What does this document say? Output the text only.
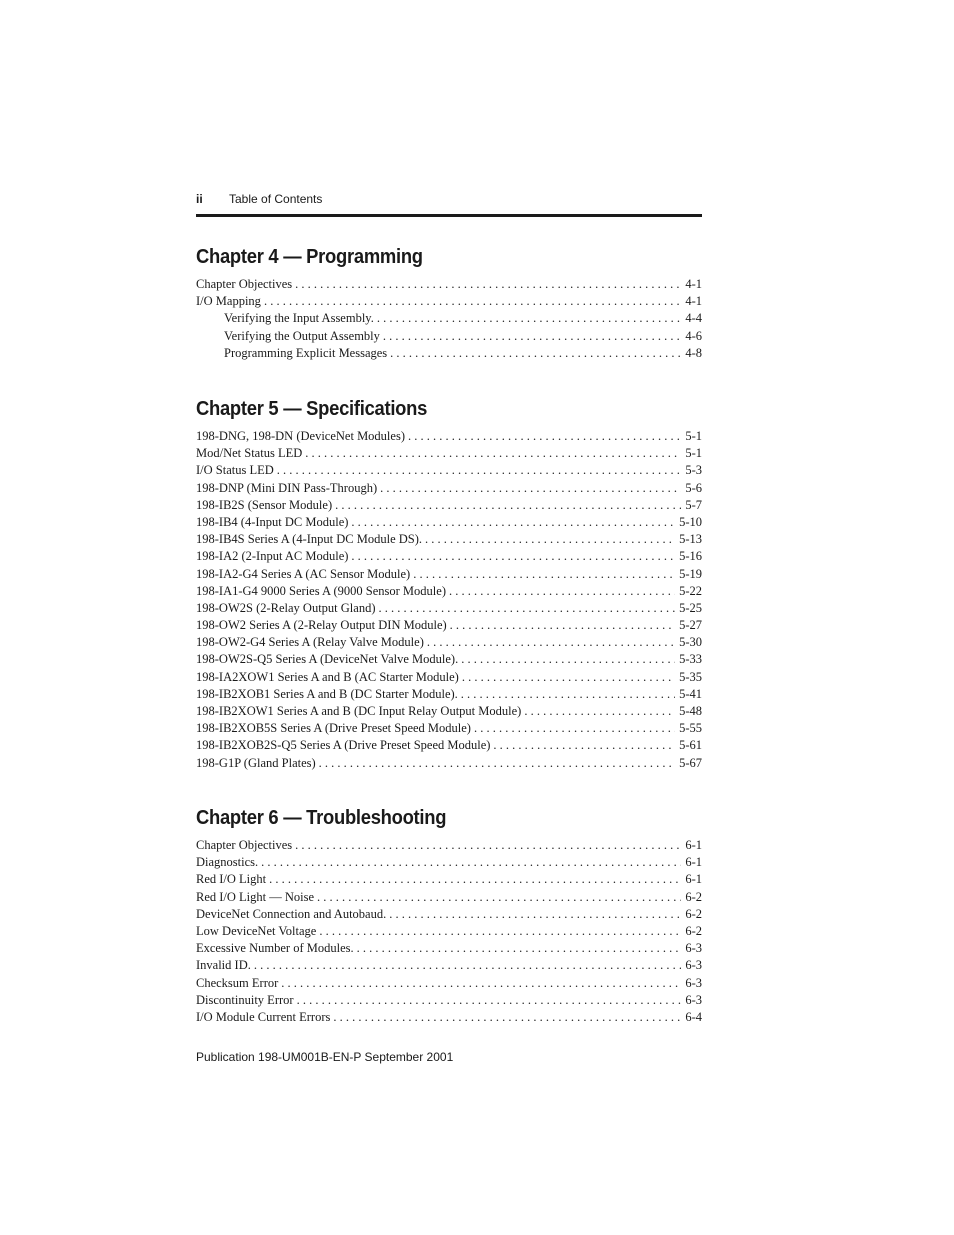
ii Table of Contents
Chapter 4 — Programming
Chapter Objectives . . .	4-1
I/O Mapping . . .	4-1
Verifying the Input Assembly. . . .	4-4
Verifying the Output Assembly . . .	4-6
Programming Explicit Messages . . .	4-8
Chapter 5 — Specifications
198-DNG, 198-DN (DeviceNet Modules) . . .	5-1
Mod/Net Status LED . . .	5-1
I/O Status LED . . .	5-3
198-DNP (Mini DIN Pass-Through) . . .	5-6
198-IB2S (Sensor Module) . . .	5-7
198-IB4 (4-Input DC Module) . . .	5-10
198-IB4S Series A (4-Input DC Module DS). . . .	5-13
198-IA2 (2-Input AC Module) . . .	5-16
198-IA2-G4 Series A (AC Sensor Module) . . .	5-19
198-IA1-G4 9000 Series A (9000 Sensor Module) . . .	5-22
198-OW2S (2-Relay Output Gland) . . .	5-25
198-OW2 Series A (2-Relay Output DIN Module) . . .	5-27
198-OW2-G4 Series A (Relay Valve Module) . . .	5-30
198-OW2S-Q5 Series A (DeviceNet Valve Module). . . .	5-33
198-IA2XOW1 Series A and B (AC Starter Module) . . .	5-35
198-IB2XOB1 Series A and B (DC Starter Module). . . .	5-41
198-IB2XOW1 Series A and B (DC Input Relay Output Module) . . .	5-48
198-IB2XOB5S Series A (Drive Preset Speed Module) . . .	5-55
198-IB2XOB2S-Q5 Series A (Drive Preset Speed Module) . . .	5-61
198-G1P (Gland Plates) . . .	5-67
Chapter 6 — Troubleshooting
Chapter Objectives . . .	6-1
Diagnostics. . . .	6-1
Red I/O Light . . .	6-1
Red I/O Light — Noise . . .	6-2
DeviceNet Connection and Autobaud. . . .	6-2
Low DeviceNet Voltage . . .	6-2
Excessive Number of Modules. . . .	6-3
Invalid ID. . . .	6-3
Checksum Error . . .	6-3
Discontinuity Error . . .	6-3
I/O Module Current Errors . . .	6-4
Publication 198-UM001B-EN-P September 2001
